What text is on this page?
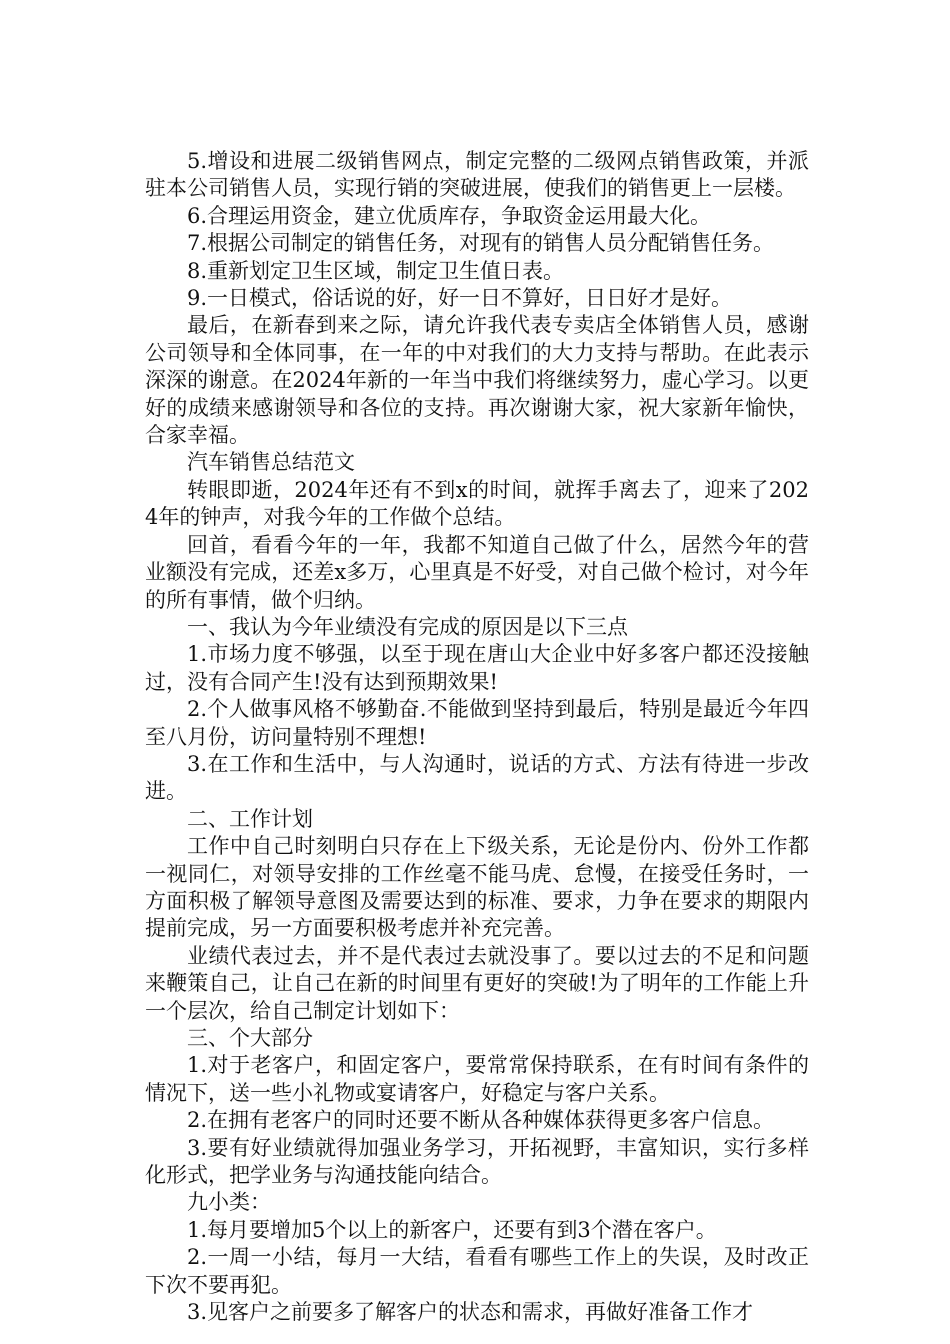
5.增设和进展二级销售网点，制定完整的二级网点销售政策，并派驻本公司销售人员，实现行销的突破进展，使我们的销售更上一层楼。

6.合理运用资金，建立优质库存，争取资金运用最大化。

7.根据公司制定的销售任务，对现有的销售人员分配销售任务。

8.重新划定卫生区域，制定卫生值日表。

9.一日模式，俗话说的好，好一日不算好，日日好才是好。

最后，在新春到来之际，请允许我代表专卖店全体销售人员，感谢公司领导和全体同事，在一年的中对我们的大力支持与帮助。在此表示深深的谢意。在2024年新的一年当中我们将继续努力，虚心学习。以更好的成绩来感谢领导和各位的支持。再次谢谢大家，祝大家新年愉快，合家幸福。

汽车销售总结范文

转眼即逝，2024年还有不到x的时间，就挥手离去了，迎来了2024年的钟声，对我今年的工作做个总结。

回首，看看今年的一年，我都不知道自己做了什么，居然今年的营业额没有完成，还差x多万，心里真是不好受，对自己做个检讨，对今年的所有事情，做个归纳。

一、我认为今年业绩没有完成的原因是以下三点

1.市场力度不够强，以至于现在唐山大企业中好多客户都还没接触过，没有合同产生!没有达到预期效果!

2.个人做事风格不够勤奋.不能做到坚持到最后，特别是最近今年四至八月份，访问量特别不理想!

3.在工作和生活中，与人沟通时，说话的方式、方法有待进一步改进。

二、工作计划

工作中自己时刻明白只存在上下级关系，无论是份内、份外工作都一视同仁，对领导安排的工作丝毫不能马虎、怠慢，在接受任务时，一方面积极了解领导意图及需要达到的标准、要求，力争在要求的期限内提前完成，另一方面要积极考虑并补充完善。

业绩代表过去，并不是代表过去就没事了。要以过去的不足和问题来鞭策自己，让自己在新的时间里有更好的突破!为了明年的工作能上升一个层次，给自己制定计划如下：

三、个大部分

1.对于老客户，和固定客户，要常常保持联系，在有时间有条件的情况下，送一些小礼物或宴请客户，好稳定与客户关系。

2.在拥有老客户的同时还要不断从各种媒体获得更多客户信息。

3.要有好业绩就得加强业务学习，开拓视野，丰富知识，实行多样化形式，把学业务与沟通技能向结合。

九小类：

1.每月要增加5个以上的新客户，还要有到3个潜在客户。

2.一周一小结，每月一大结，看看有哪些工作上的失误，及时改正下次不要再犯。

3.见客户之前要多了解客户的状态和需求，再做好准备工作才
